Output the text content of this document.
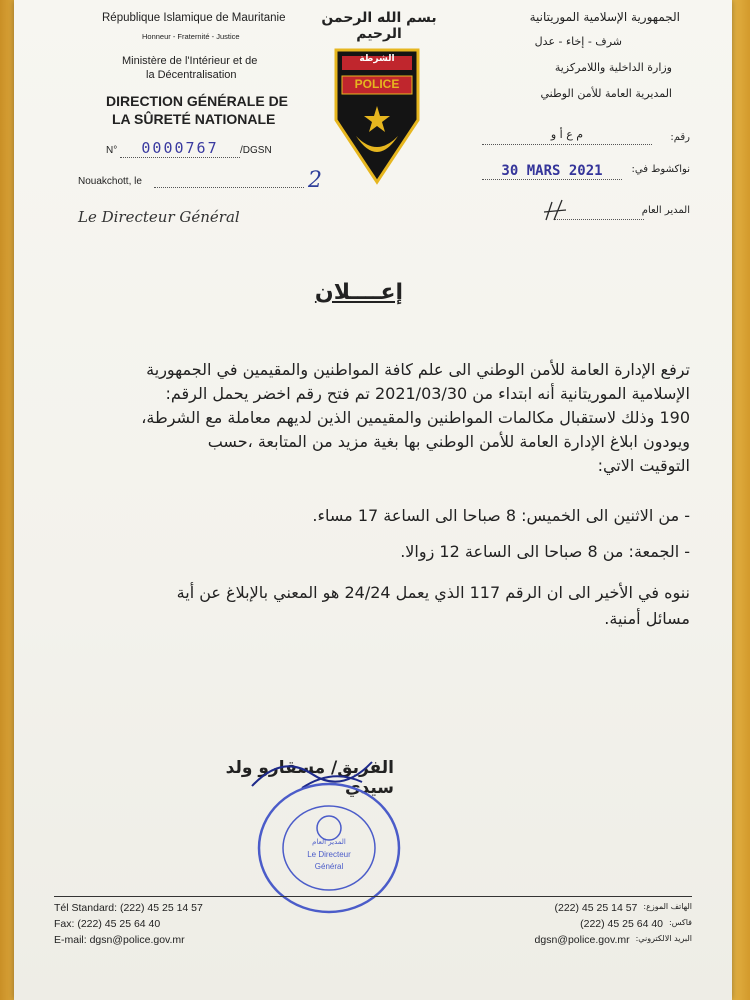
République Islamique de Mauritanie
Honneur - Fraternité - Justice
Ministère de l'Intérieur et de
la Décentralisation
DIRECTION GÉNÉRALE DE
LA SÛRETÉ NATIONALE
N°	0000767	/DGSN
Nouakchott, le
Le Directeur Général
بسم الله الرحمن الرحيم
الشرطة
POLICE
الجمهورية الإسلامية الموريتانية
شرف - إخاء - عدل
وزارة الداخلية واللامركزية
المديرية العامة للأمن الوطني
رقم:
م ع أ و
نواكشوط في:
30 MARS 2021
2
المدير العام
إعــــلان

ترفع الإدارة العامة للأمن الوطني الى علم كافة المواطنين والمقيمين في الجمهورية

الإسلامية الموريتانية أنه ابتداء من 2021/03/30 تم فتح رقم اخضر يحمل الرقم:

190 وذلك لاستقبال مكالمات المواطنين والمقيمين الذين لديهم معاملة مع الشرطة،

ويودون ابلاغ الإدارة العامة للأمن الوطني بها بغية مزيد من المتابعة ،حسب

التوقيت الاتي:

- من الاثنين الى الخميس: 8 صباحا الى الساعة 17 مساء.
- الجمعة: من 8 صباحا الى الساعة 12 زوالا.
ننوه في الأخير الى ان الرقم 117 الذي يعمل 24/24 هو المعني بالإبلاغ عن أية
مسائل أمنية.
الفريق/ مسقارو ولد سيدي
المدير العام
Le Directeur
Général
Tél Standard: (222) 45 25 14 57
Fax: (222) 45 25 64 40
E-mail: dgsn@police.gov.mr
(222) 45 25 14 57 الهاتف الموزع:
(222) 45 25 64 40 فاكس:
dgsn@police.gov.mr البريد الالكتروني:
